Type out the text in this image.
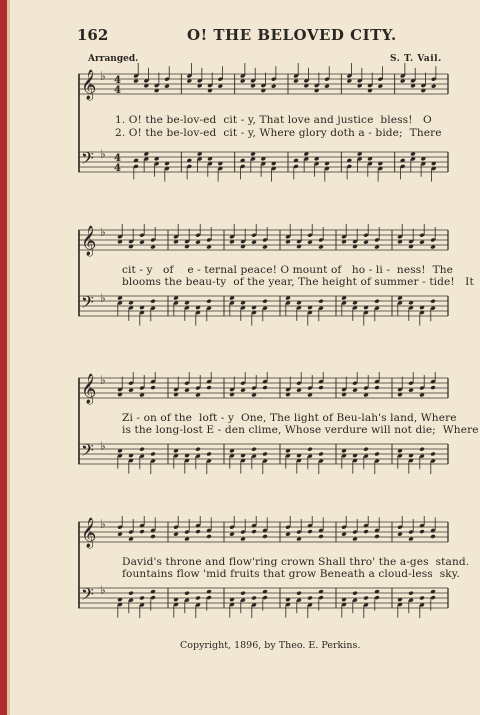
162	O! THE BELOVED CITY.
Arranged.	S. T. Vail.
𝄞 ♭ 4
4
𝄢 ♭ 4
4
1. O! the be-lov-ed  cit - y, That love and justice  bless!   O
2. O! the be-lov-ed  cit - y, Where glory doth a - bide;  There
𝄞 ♭
𝄢 ♭
cit - y   of    e - ternal peace! O mount of   ho - li -  ness!  The
blooms the beau-ty  of the year, The height of summer - tide!   It
𝄞 ♭
𝄢 ♭
Zi - on of the  loft - y  One, The light of Beu-lah's land, Where
is the long-lost E - den clime, Whose verdure will not die;  Where
𝄞 ♭
𝄢 ♭
David's throne and flow'ring crown Shall thro' the a-ges  stand.
fountains flow 'mid fruits that grow Beneath a cloud-less  sky.
Copyright, 1896, by Theo. E. Perkins.
